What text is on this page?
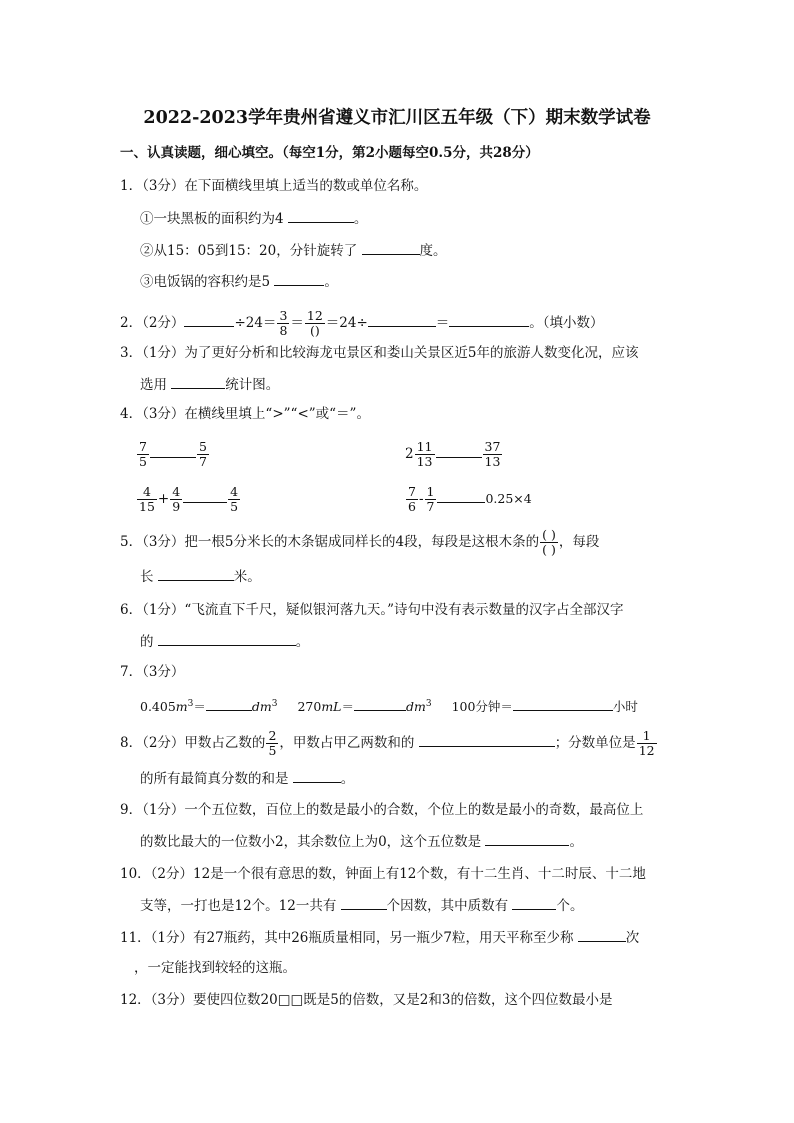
2022-2023学年贵州省遵义市汇川区五年级（下）期末数学试卷
一、认真读题，细心填空。（每空1分，第2小题每空0.5分，共28分）
1．（3分）在下面横线里填上适当的数或单位名称。
①一块黑板的面积约为4	。
②从15：05到15：20，分针旋转了	度。
③电饭锅的容积约是5	。
2．（2分）	$\div 24= \frac{3}{8} = \frac{12}{()} =24\div$	＝	。（填小数）
3．（1分）为了更好分析和比较海龙屯景区和娄山关景区近5年的旅游人数变化况，应该
选用	统计图。
4．（3分）在横线里填上“>”“<”或“＝”。
$\frac{7}{5}$	$\frac{5}{7}$	$2 \frac{11}{13}$	$\frac{37}{13}$
$\frac{4}{15} + \frac{4}{9}$	$\frac{4}{5}$	$\frac{7}{6} - \frac{1}{7}$	0.25×4
5．（3分）把一根5分米长的木条锯成同样长的4段，每段是这根木条的 $\frac{( )}{( )}$ ，每段
长	米。
6．（1分）“飞流直下千尺，疑似银河落九天。”诗句中没有表示数量的汉字占全部汉字
的	。
7．（3分）
$0.405m^3=$	$dm^3$ 270mL＝	$dm^3$ 100分钟＝	小时
8．（2分）甲数占乙数的 $\frac{2}{5}$ ，甲数占甲乙两数和的	；分数单位是 $\frac{1}{12}$
的所有最简真分数的和是	。
9．（1分）一个五位数，百位上的数是最小的合数，个位上的数是最小的奇数，最高位上
的数比最大的一位数小2，其余数位上为0，这个五位数是	。
10．（2分）12是一个很有意思的数，钟面上有12个数，有十二生肖、十二时辰、十二地
支等，一打也是12个。12一共有	个因数，其中质数有	个。
11．（1分）有27瓶药，其中26瓶质量相同，另一瓶少7粒，用天平称至少称	次
，一定能找到较轻的这瓶。
12．（3分）要使四位数20□□既是5的倍数，又是2和3的倍数，这个四位数最小是
